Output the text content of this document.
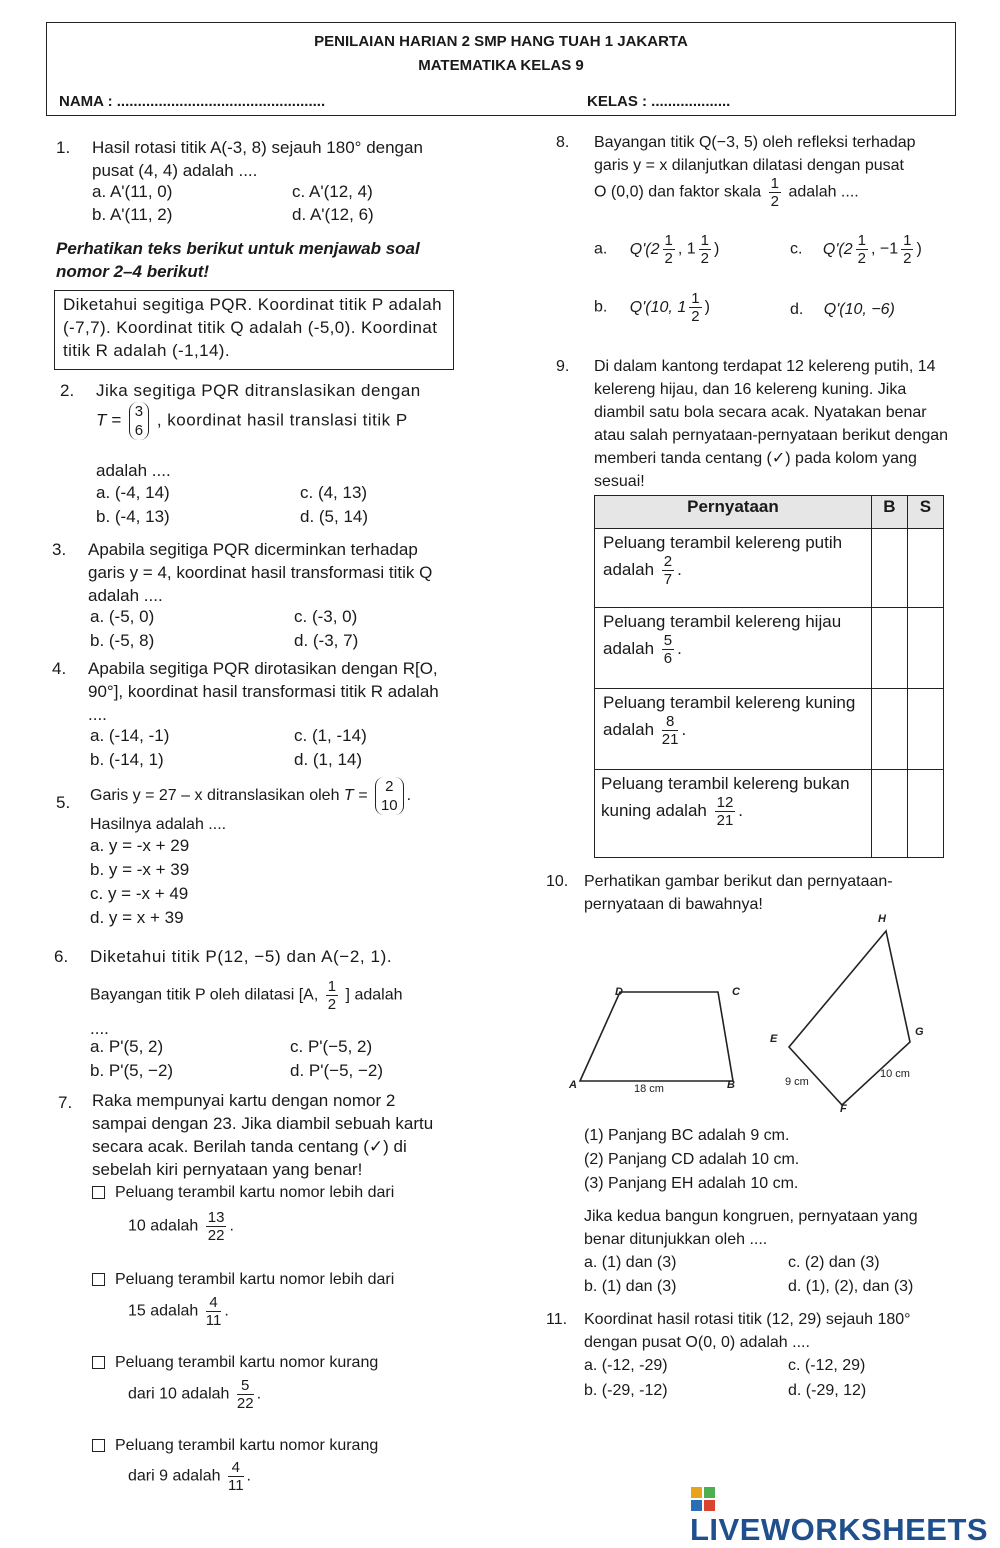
PENILAIAN HARIAN 2 SMP HANG TUAH 1 JAKARTA
MATEMATIKA KELAS 9
NAMA : ..................................................	KELAS : ...................
1. Hasil rotasi titik A(-3, 8) sejauh 180° dengan pusat (4, 4) adalah ....
a. A'(11, 0)	c. A'(12, 4)
b. A'(11, 2)	d. A'(12, 6)
Perhatikan teks berikut untuk menjawab soal nomor 2–4 berikut!
Diketahui segitiga PQR. Koordinat titik P adalah (-7,7). Koordinat titik Q adalah (-5,0). Koordinat titik R adalah (-1,14).
2. Jika segitiga PQR ditranslasikan dengan
T = 3
6
, koordinat hasil translasi titik P
adalah ....
a. (-4, 14)	c. (4, 13)
b. (-4, 13)	d. (5, 14)
3. Apabila segitiga PQR dicerminkan terhadap garis y = 4, koordinat hasil transformasi titik Q adalah ....
a. (-5, 0)	c. (-3, 0)
b. (-5, 8)	d. (-3, 7)
4. Apabila segitiga PQR dirotasikan dengan R[O, 90°], koordinat hasil transformasi titik R adalah ....
a. (-14, -1)	c. (1, -14)
b. (-14, 1)	d. (1, 14)
5. Garis y = 27 – x ditranslasikan oleh T =
2
10
.
Hasilnya adalah ....
a. y = -x + 29
b. y = -x + 39
c. y = -x + 49
d. y = x + 39
6. Diketahui titik P(12, −5) dan A(−2, 1).
Bayangan titik P oleh dilatasi [A, $\frac{1}{2}$ ] adalah
....
a. P'(5, 2)	c. P'(−5, 2)
b. P'(5, −2)	d. P'(−5, −2)
7. Raka mempunyai kartu dengan nomor 2 sampai dengan 23. Jika diambil sebuah kartu secara acak. Berilah tanda centang (✓) di sebelah kiri pernyataan yang benar!
Peluang terambil kartu nomor lebih dari
10 adalah $\frac{13}{22}$ .
Peluang terambil kartu nomor lebih dari
15 adalah $\frac{4}{11}$ .
Peluang terambil kartu nomor kurang
dari 10 adalah $\frac{5}{22}$ .
Peluang terambil kartu nomor kurang
dari 9 adalah $\frac{4}{11}$ .
8. Bayangan titik Q(−3, 5) oleh refleksi terhadap garis y = x dilanjutkan dilatasi dengan pusat
O (0,0) dan faktor skala $\frac{1}{2}$ adalah ....
a. $Q'(2 \frac{1}{2}$ , $1 \frac{1}{2}$ )	c. $Q'(2 \frac{1}{2}$ , $-1 \frac{1}{2}$ )
b. Q'(10, $1 \frac{1}{2}$ )	d. Q'(10, −6)
9. Di dalam kantong terdapat 12 kelereng putih, 14 kelereng hijau, dan 16 kelereng kuning. Jika diambil satu bola secara acak. Nyatakan benar atau salah pernyataan-pernyataan berikut dengan memberi tanda centang (✓) pada kolom yang sesuai!
Pernyataan	B	S

Peluang terambil kelereng putih
adalah $\frac{2}{7}$ .		

Peluang terambil kelereng hijau
adalah $\frac{5}{6}$ .		

Peluang terambil kelereng kuning
adalah $\frac{8}{21}$ .		

Peluang terambil kelereng bukan
kuning adalah $\frac{12}{21}$ .		

10. Perhatikan gambar berikut dan pernyataan-pernyataan di bawahnya!
A	B
C
D
E
F
G
H
18 cm
9 cm
10 cm
(1) Panjang BC adalah 9 cm.
(2) Panjang CD adalah 10 cm.
(3) Panjang EH adalah 10 cm.
Jika kedua bangun kongruen, pernyataan yang benar ditunjukkan oleh ....
a. (1) dan (3)	c. (2) dan (3)
b. (1) dan (3)	d. (1), (2), dan (3)
11. Koordinat hasil rotasi titik (12, 29) sejauh 180° dengan pusat O(0, 0) adalah ....
a. (-12, -29)	c. (-12, 29)
b. (-29, -12)	d. (-29, 12)
LIVEWORKSHEETS
